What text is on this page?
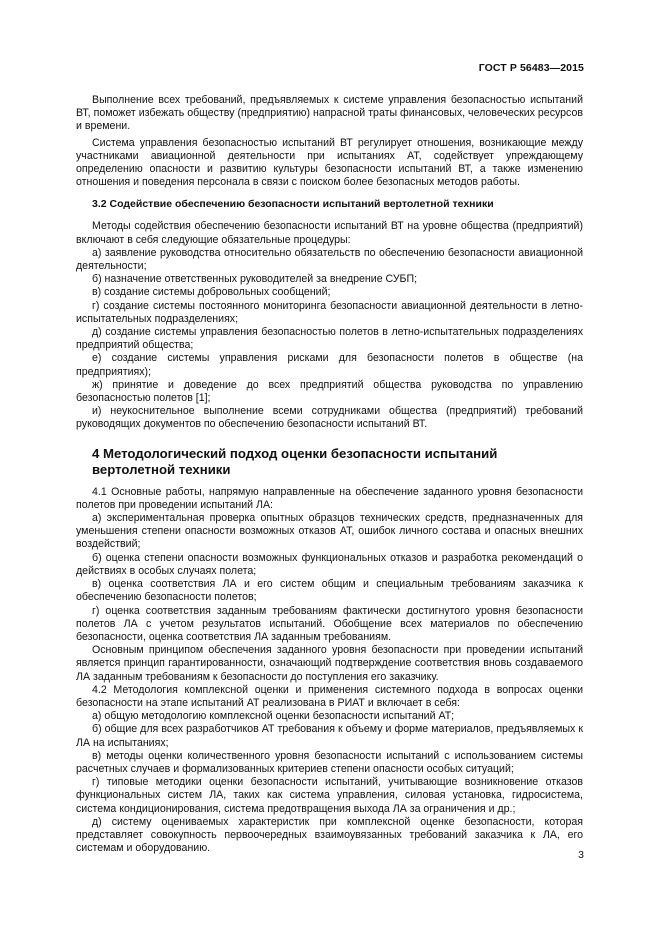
ГОСТ Р 56483—2015

Выполнение всех требований, предъявляемых к системе управления безопасностью испытаний ВТ, поможет избежать обществу (предприятию) напрасной траты финансовых, человеческих ресурсов и времени.

Система управления безопасностью испытаний ВТ регулирует отношения, возникающие между участниками авиационной деятельности при испытаниях АТ, содействует упреждающему определению опасности и развитию культуры безопасности испытаний ВТ, а также изменению отношения и поведения персонала в связи с поиском более безопасных методов работы.

3.2 Содействие обеспечению безопасности испытаний вертолетной техники

Методы содействия обеспечению безопасности испытаний ВТ на уровне общества (предприятий) включают в себя следующие обязательные процедуры:

а) заявление руководства относительно обязательств по обеспечению безопасности авиационной деятельности;

б) назначение ответственных руководителей за внедрение СУБП;

в) создание системы добровольных сообщений;

г) создание системы постоянного мониторинга безопасности авиационной деятельности в летно-испытательных подразделениях;

д) создание системы управления безопасностью полетов в летно-испытательных подразделениях предприятий общества;

е) создание системы управления рисками для безопасности полетов в обществе (на предприятиях);

ж) принятие и доведение до всех предприятий общества руководства по управлению безопасностью полетов [1];

и) неукоснительное выполнение всеми сотрудниками общества (предприятий) требований руководящих документов по обеспечению безопасности испытаний ВТ.

4 Методологический подход оценки безопасности испытаний вертолетной техники

4.1 Основные работы, напрямую направленные на обеспечение заданного уровня безопасности полетов при проведении испытаний ЛА:

а) экспериментальная проверка опытных образцов технических средств, предназначенных для уменьшения степени опасности возможных отказов АТ, ошибок личного состава и опасных внешних воздействий;

б) оценка степени опасности возможных функциональных отказов и разработка рекомендаций о действиях в особых случаях полета;

в) оценка соответствия ЛА и его систем общим и специальным требованиям заказчика к обеспечению безопасности полетов;

г) оценка соответствия заданным требованиям фактически достигнутого уровня безопасности полетов ЛА с учетом результатов испытаний. Обобщение всех материалов по обеспечению безопасности, оценка соответствия ЛА заданным требованиям.

Основным принципом обеспечения заданного уровня безопасности при проведении испытаний является принцип гарантированности, означающий подтверждение соответствия вновь создаваемого ЛА заданным требованиям к безопасности до поступления его заказчику.

4.2 Методология комплексной оценки и применения системного подхода в вопросах оценки безопасности на этапе испытаний АТ реализована в РИАТ и включает в себя:

а) общую методологию комплексной оценки безопасности испытаний АТ;

б) общие для всех разработчиков АТ требования к объему и форме материалов, предъявляемых к ЛА на испытаниях;

в) методы оценки количественного уровня безопасности испытаний с использованием системы расчетных случаев и формализованных критериев степени опасности особых ситуаций;

г) типовые методики оценки безопасности испытаний, учитывающие возникновение отказов функциональных систем ЛА, таких как система управления, силовая установка, гидросистема, система кондиционирования, система предотвращения выхода ЛА за ограничения и др.;

д) систему оцениваемых характеристик при комплексной оценке безопасности, которая представляет совокупность первоочередных взаимоувязанных требований заказчика к ЛА, его системам и оборудованию.

3
